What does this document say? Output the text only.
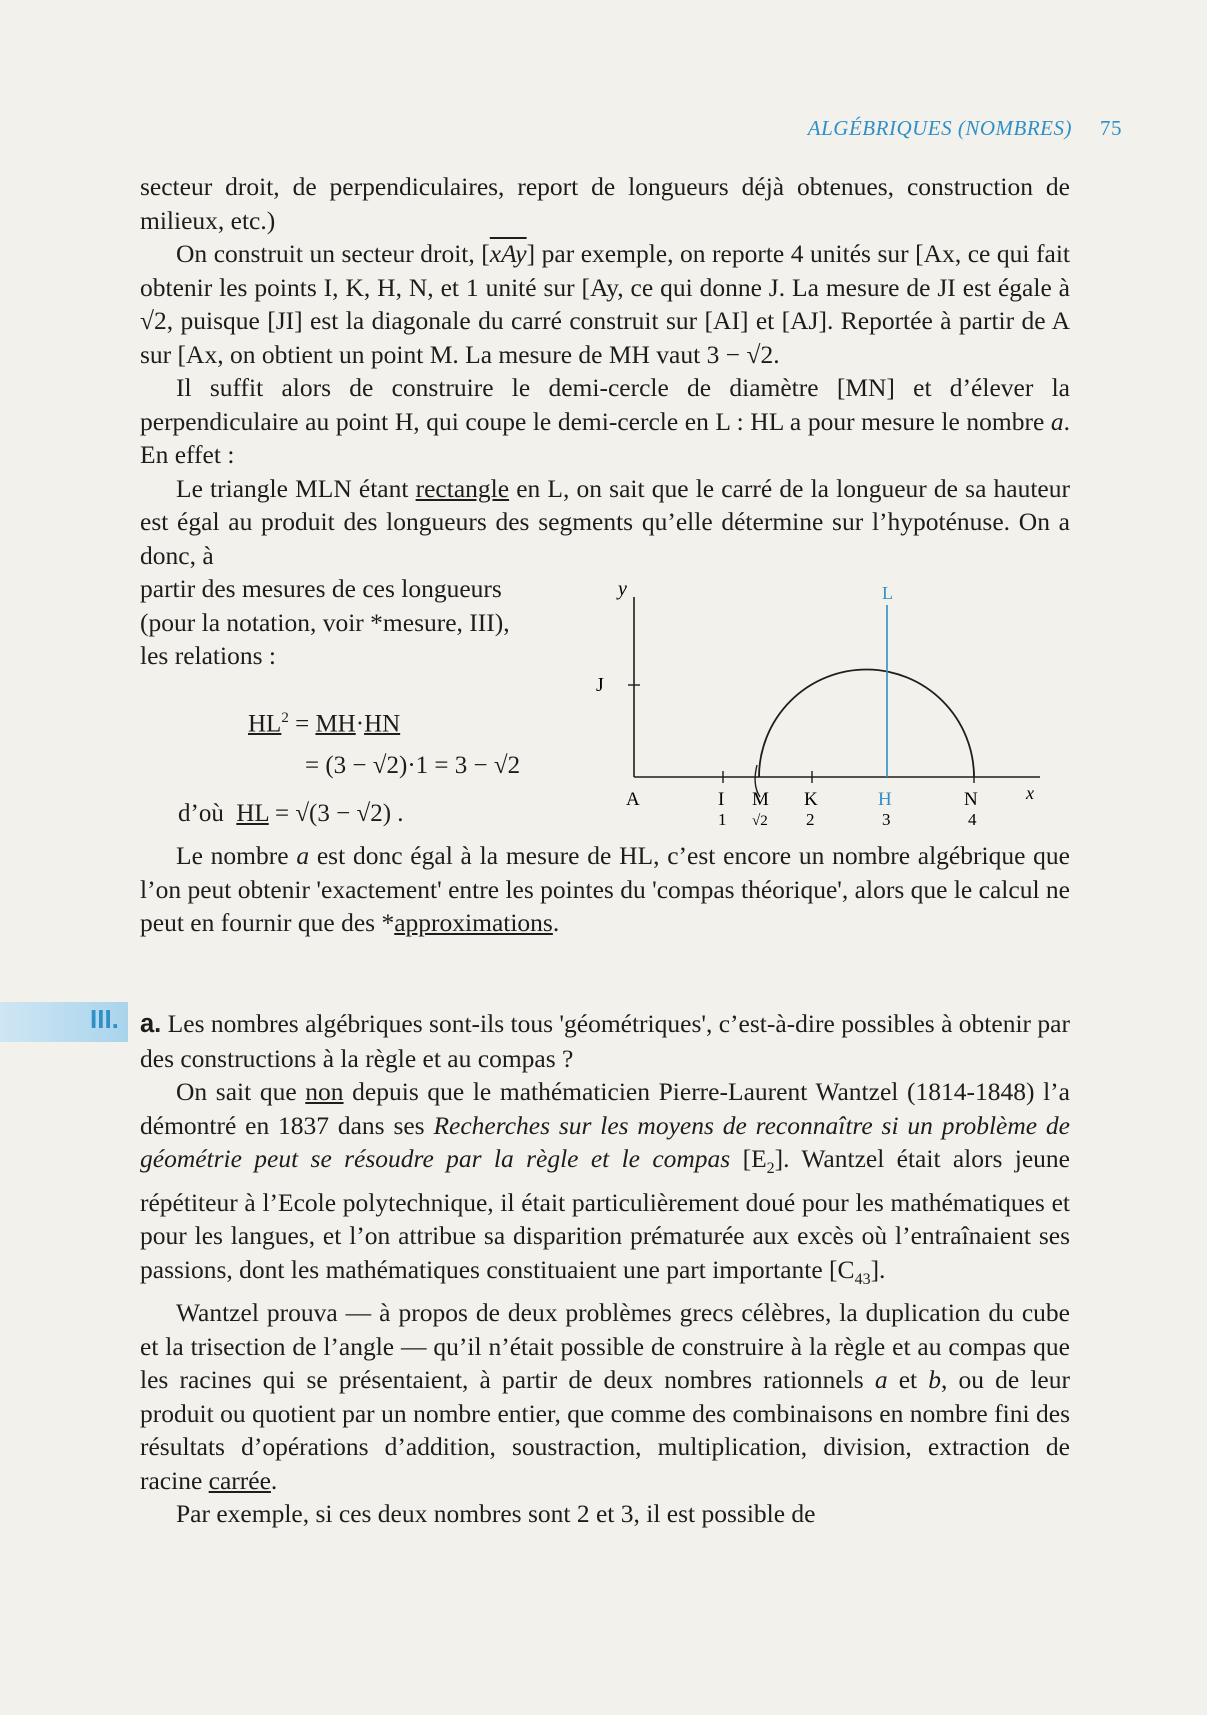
ALGÉBRIQUES (NOMBRES) 75

secteur droit, de perpendiculaires, report de longueurs déjà obtenues, construction de milieux, etc.)

On construit un secteur droit, $[\overline{xAy}]$ par exemple, on reporte 4 unités sur [Ax, ce qui fait obtenir les points I, K, H, N, et 1 unité sur [Ay, ce qui donne J. La mesure de JI est égale à √2, puisque [JI] est la diagonale du carré construit sur [AI] et [AJ]. Reportée à partir de A sur [Ax, on obtient un point M. La mesure de MH vaut 3 − √2.

Il suffit alors de construire le demi-cercle de diamètre [MN] et d’élever la perpendiculaire au point H, qui coupe le demi-cercle en L : HL a pour mesure le nombre a. En effet :

Le triangle MLN étant rectangle en L, on sait que le carré de la longueur de sa hauteur est égal au produit des longueurs des segments qu’elle détermine sur l’hypoténuse. On a donc, à

partir des mesures de ces longueurs

(pour la notation, voir *mesure, III),

les relations :

$HL^2 = MH\cdot HN$
= (3 − √2)·1 = 3 − √2
d’où HL = √(3 − √2) .
y
J
L
x
A	I M K	H	N
1 √2 2	3	4

Le nombre a est donc égal à la mesure de HL, c’est encore un nombre algébrique que l’on peut obtenir 'exactement' entre les pointes du 'compas théorique', alors que le calcul ne peut en fournir que des *approximations.

III. a. Les nombres algébriques sont-ils tous 'géométriques', c’est-à-dire possibles à obtenir par des constructions à la règle et au compas ?

On sait que non depuis que le mathématicien Pierre-Laurent Wantzel (1814-1848) l’a démontré en 1837 dans ses Recherches sur les moyens de reconnaître si un problème de géométrie peut se résoudre par la règle et le compas $[E_2]$. Wantzel était alors jeune répétiteur à l’Ecole polytechnique, il était particulièrement doué pour les mathématiques et pour les langues, et l’on attribue sa disparition prématurée aux excès où l’entraînaient ses passions, dont les mathématiques constituaient une part importante $[C_{43}]$.

Wantzel prouva — à propos de deux problèmes grecs célèbres, la duplication du cube et la trisection de l’angle — qu’il n’était possible de construire à la règle et au compas que les racines qui se présentaient, à partir de deux nombres rationnels a et b, ou de leur produit ou quotient par un nombre entier, que comme des combinaisons en nombre fini des résultats d’opérations d’addition, soustraction, multiplication, division, extraction de racine carrée.

Par exemple, si ces deux nombres sont 2 et 3, il est possible de
